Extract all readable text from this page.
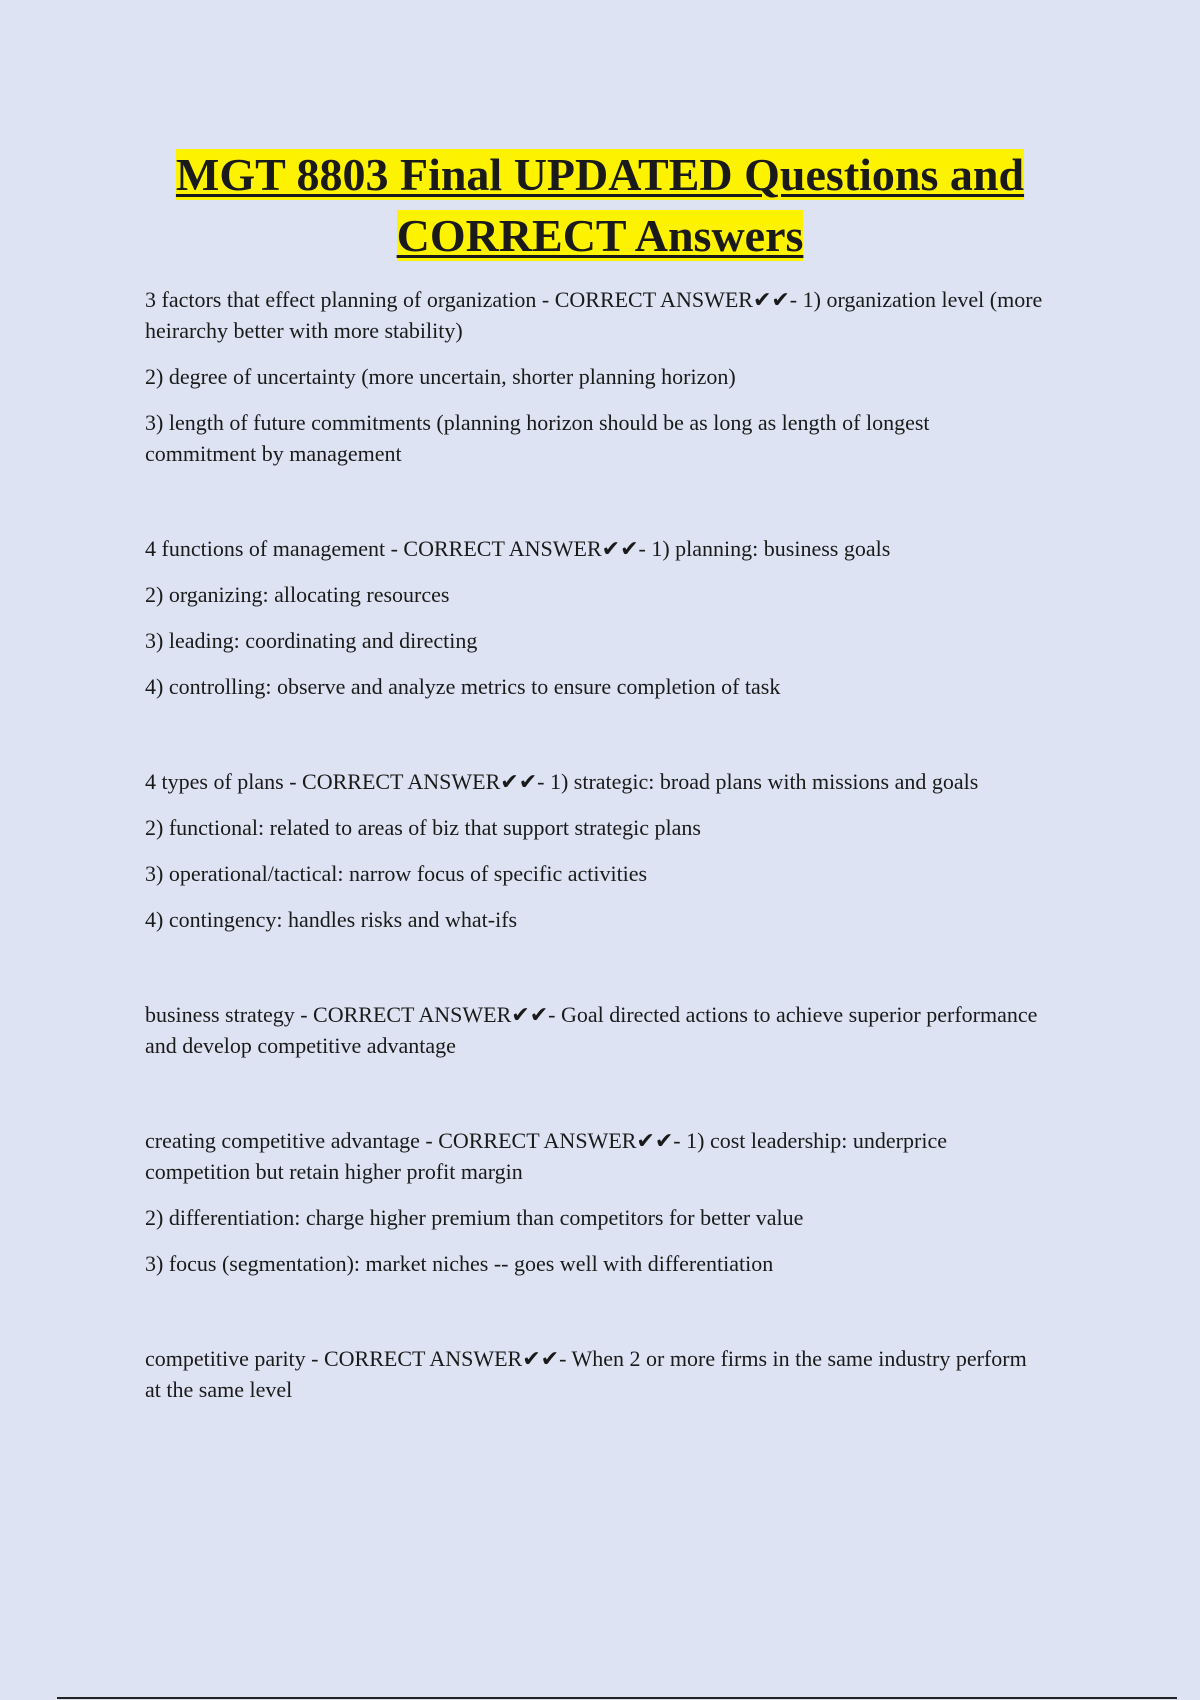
MGT 8803 Final UPDATED Questions and
CORRECT Answers

3 factors that effect planning of organization - CORRECT ANSWER✔✔- 1) organization level (more heirarchy better with more stability)

2) degree of uncertainty (more uncertain, shorter planning horizon)

3) length of future commitments (planning horizon should be as long as length of longest commitment by management

4 functions of management - CORRECT ANSWER✔✔- 1) planning: business goals

2) organizing: allocating resources

3) leading: coordinating and directing

4) controlling: observe and analyze metrics to ensure completion of task

4 types of plans - CORRECT ANSWER✔✔- 1) strategic: broad plans with missions and goals

2) functional: related to areas of biz that support strategic plans

3) operational/tactical: narrow focus of specific activities

4) contingency: handles risks and what-ifs

business strategy - CORRECT ANSWER✔✔- Goal directed actions to achieve superior performance and develop competitive advantage

creating competitive advantage - CORRECT ANSWER✔✔- 1) cost leadership: underprice competition but retain higher profit margin

2) differentiation: charge higher premium than competitors for better value

3) focus (segmentation): market niches -- goes well with differentiation

competitive parity - CORRECT ANSWER✔✔- When 2 or more firms in the same industry perform at the same level
